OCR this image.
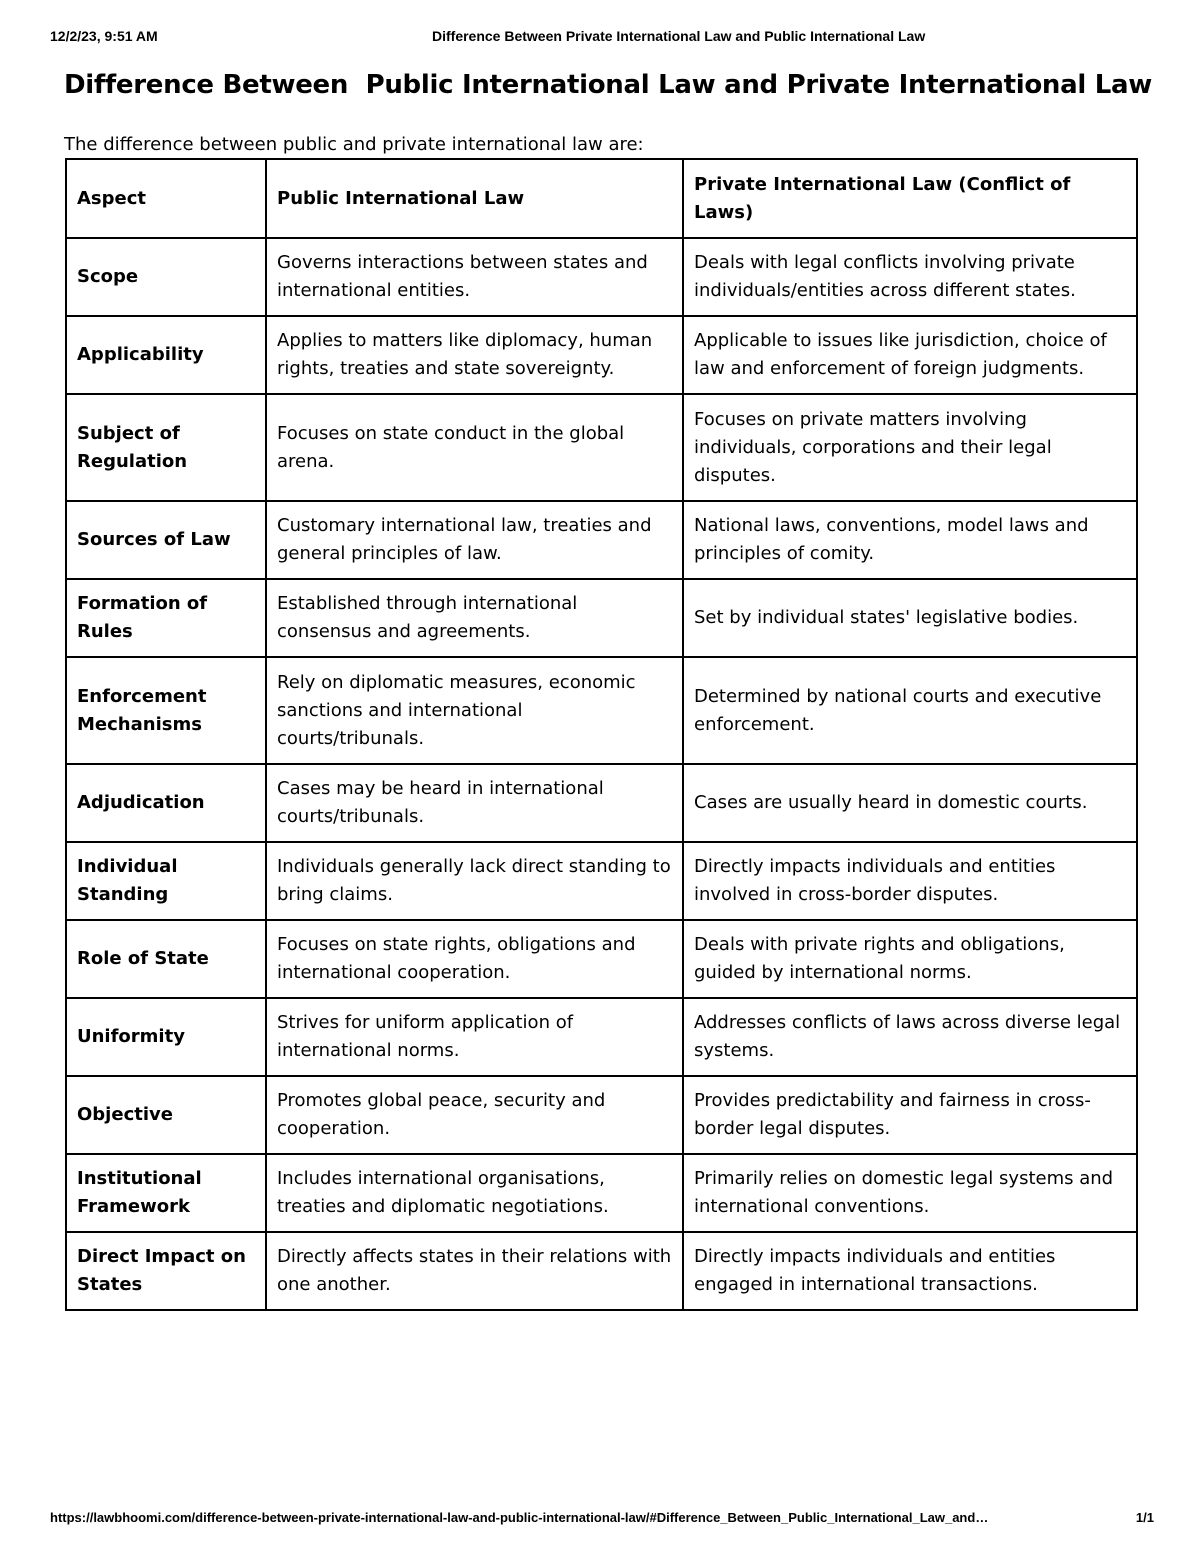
12/2/23, 9:51 AM	Difference Between Private International Law and Public International Law
Difference Between  Public International Law and Private International Law

The difference between public and private international law are:

Aspect	Public International Law	Private International Law (Conflict of Laws)
Scope	Governs interactions between states and international entities.	Deals with legal conflicts involving private individuals/entities across different states.
Applicability	Applies to matters like diplomacy, human rights, treaties and state sovereignty.	Applicable to issues like jurisdiction, choice of law and enforcement of foreign judgments.
Subject of Regulation	Focuses on state conduct in the global arena.	Focuses on private matters involving individuals, corporations and their legal disputes.
Sources of Law	Customary international law, treaties and general principles of law.	National laws, conventions, model laws and principles of comity.
Formation of Rules	Established through international consensus and agreements.	Set by individual states' legislative bodies.
Enforcement Mechanisms	Rely on diplomatic measures, economic sanctions and international courts/tribunals.	Determined by national courts and executive enforcement.
Adjudication	Cases may be heard in international courts/tribunals.	Cases are usually heard in domestic courts.
Individual Standing	Individuals generally lack direct standing to bring claims.	Directly impacts individuals and entities involved in cross-border disputes.
Role of State	Focuses on state rights, obligations and international cooperation.	Deals with private rights and obligations, guided by international norms.
Uniformity	Strives for uniform application of international norms.	Addresses conflicts of laws across diverse legal systems.
Objective	Promotes global peace, security and cooperation.	Provides predictability and fairness in cross-border legal disputes.
Institutional Framework	Includes international organisations, treaties and diplomatic negotiations.	Primarily relies on domestic legal systems and international conventions.
Direct Impact on States	Directly affects states in their relations with one another.	Directly impacts individuals and entities engaged in international transactions.
https://lawbhoomi.com/difference-between-private-international-law-and-public-international-law/#Difference_Between_Public_International_Law_and…	1/1
